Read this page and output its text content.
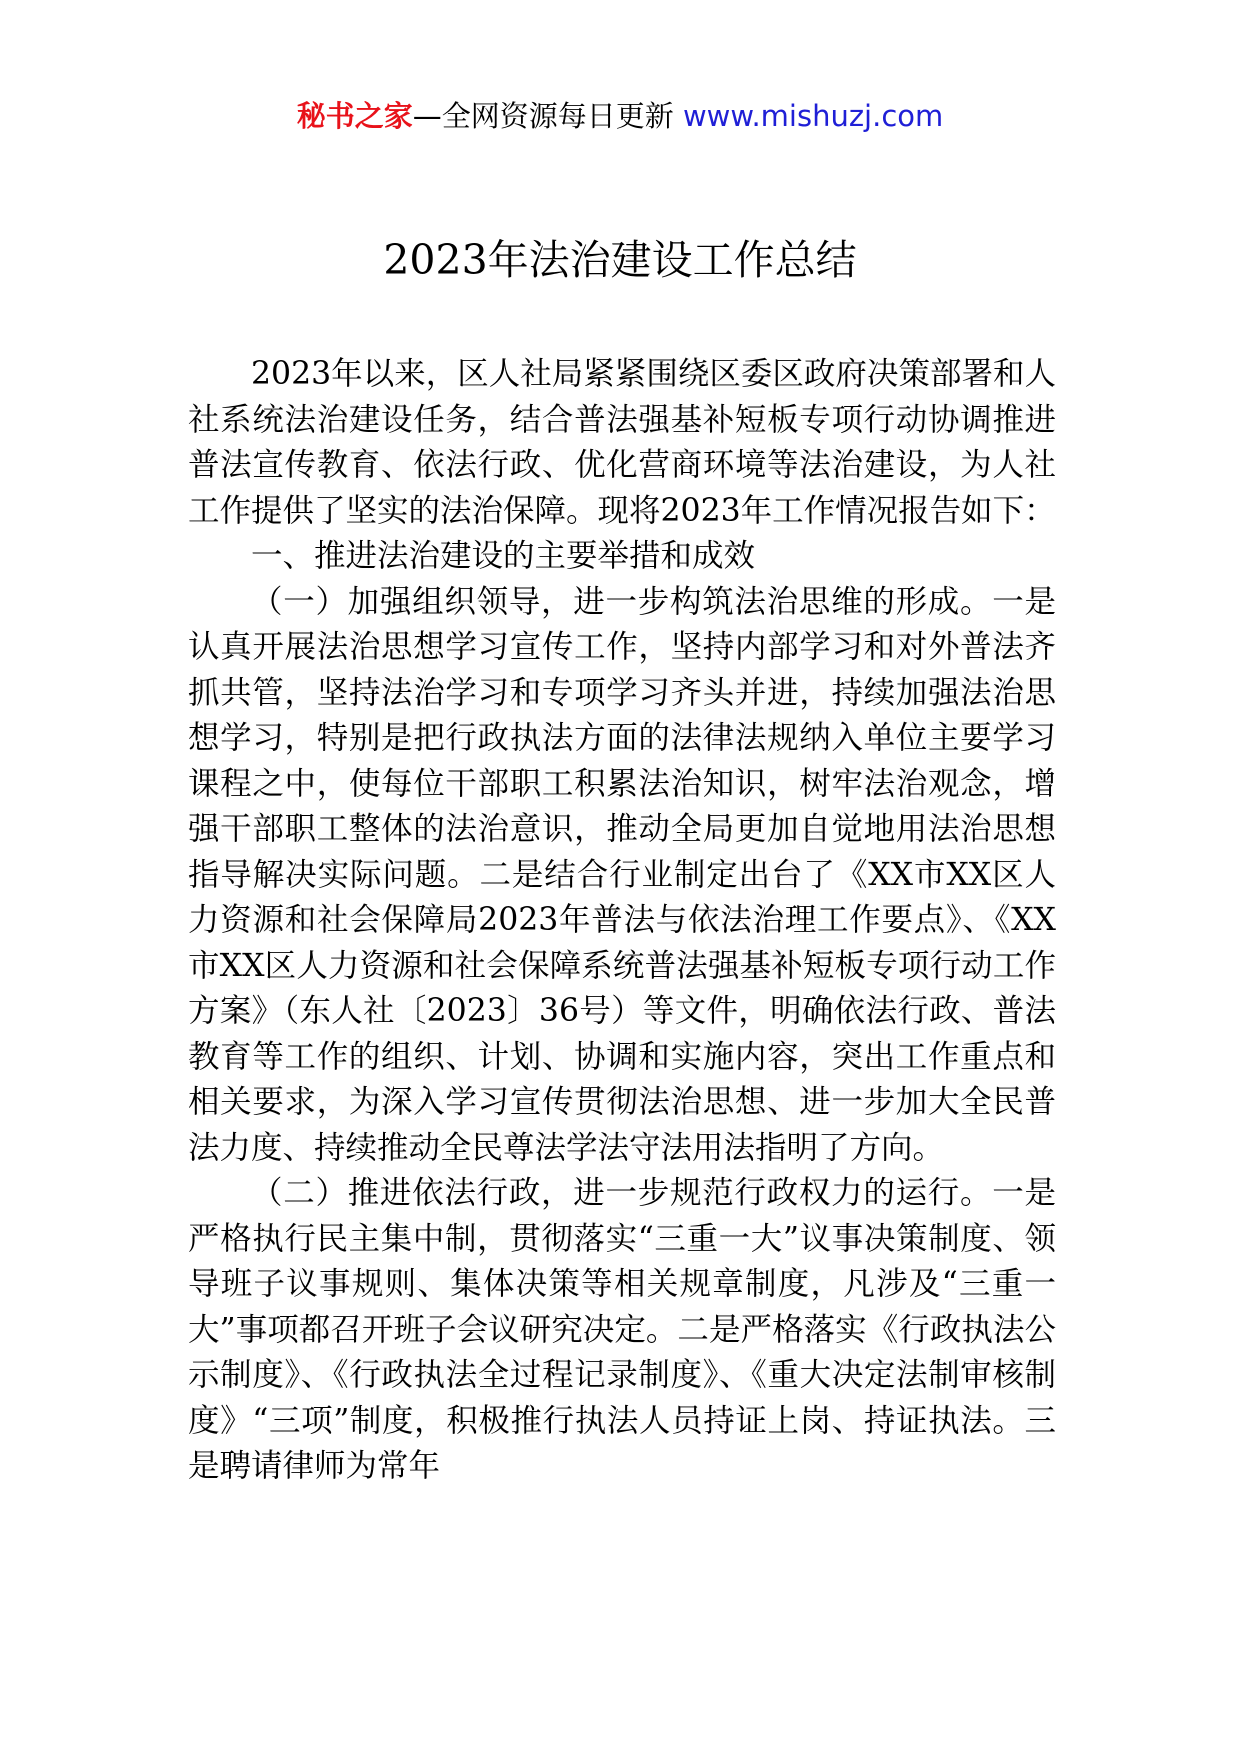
秘书之家—全网资源每日更新 www.mishuzj.com
2023年法治建设工作总结

2023年以来，区人社局紧紧围绕区委区政府决策部署和人社系统法治建设任务，结合普法强基补短板专项行动协调推进普法宣传教育、依法行政、优化营商环境等法治建设，为人社工作提供了坚实的法治保障。现将2023年工作情况报告如下：

一、推进法治建设的主要举措和成效

（一）加强组织领导，进一步构筑法治思维的形成。一是认真开展法治思想学习宣传工作，坚持内部学习和对外普法齐抓共管，坚持法治学习和专项学习齐头并进，持续加强法治思想学习，特别是把行政执法方面的法律法规纳入单位主要学习课程之中，使每位干部职工积累法治知识，树牢法治观念，增强干部职工整体的法治意识，推动全局更加自觉地用法治思想指导解决实际问题。二是结合行业制定出台了《XX市XX区人力资源和社会保障局2023年普法与依法治理工作要点》、《XX市XX区人力资源和社会保障系统普法强基补短板专项行动工作方案》（东人社〔2023〕36号）等文件，明确依法行政、普法教育等工作的组织、计划、协调和实施内容，突出工作重点和相关要求，为深入学习宣传贯彻法治思想、进一步加大全民普法力度、持续推动全民尊法学法守法用法指明了方向。

（二）推进依法行政，进一步规范行政权力的运行。一是严格执行民主集中制，贯彻落实“三重一大”议事决策制度、领导班子议事规则、集体决策等相关规章制度，凡涉及“三重一大”事项都召开班子会议研究决定。二是严格落实《行政执法公示制度》、《行政执法全过程记录制度》、《重大决定法制审核制度》“三项”制度，积极推行执法人员持证上岗、持证执法。三是聘请律师为常年
